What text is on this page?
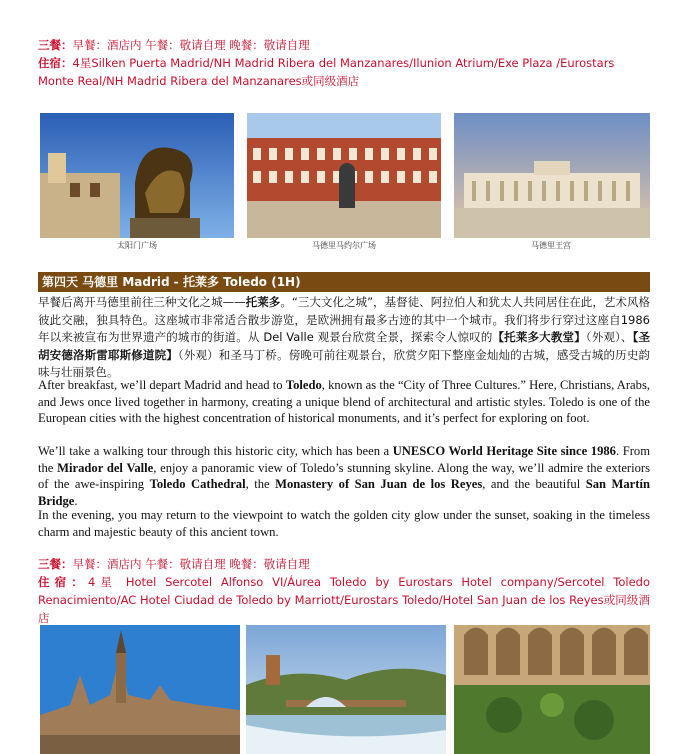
三餐：早餐：酒店内 午餐：敬请自理 晚餐：敬请自理
住宿：4星Silken Puerta Madrid/NH Madrid Ribera del Manzanares/Ilunion Atrium/Exe Plaza /Eurostars Monte Real/NH Madrid Ribera del Manzanares或同级酒店
太阳门广场	马德里马约尔广场	马德里王宫
第四天 马德里 Madrid - 托莱多 Toledo (1H)
早餐后离开马德里前往三种文化之城——托莱多。“三大文化之城”，基督徒、阿拉伯人和犹太人共同居住在此，艺术风格彼此交融，独具特色。这座城市非常适合散步游览，是欧洲拥有最多古迹的其中一个城市。我们将步行穿过这座自1986 年以来被宣布为世界遗产的城市的街道。从 Del Valle 观景台欣赏全景，探索令人惊叹的【托莱多大教堂】（外观）、【圣胡安德洛斯雷耶斯修道院】（外观）和圣马丁桥。傍晚可前往观景台，欣赏夕阳下整座金灿灿的古城，感受古城的历史韵味与壮丽景色。
After breakfast, we’ll depart Madrid and head to Toledo, known as the “City of Three Cultures.” Here, Christians, Arabs, and Jews once lived together in harmony, creating a unique blend of architectural and artistic styles. Toledo is one of the European cities with the highest concentration of historical monuments, and it’s perfect for exploring on foot.
We’ll take a walking tour through this historic city, which has been a UNESCO World Heritage Site since 1986. From the Mirador del Valle, enjoy a panoramic view of Toledo’s stunning skyline. Along the way, we’ll admire the exteriors of the awe-inspiring Toledo Cathedral, the Monastery of San Juan de los Reyes, and the beautiful San Martín Bridge.
In the evening, you may return to the viewpoint to watch the golden city glow under the sunset, soaking in the timeless charm and majestic beauty of this ancient town.
三餐：早餐：酒店内 午餐：敬请自理 晚餐：敬请自理
住宿：4星 Hotel Sercotel Alfonso VI/Áurea Toledo by Eurostars Hotel company/Sercotel Toledo Renacimiento/AC Hotel Ciudad de Toledo by Marriott/Eurostars Toledo/Hotel San Juan de los Reyes或同级酒店
